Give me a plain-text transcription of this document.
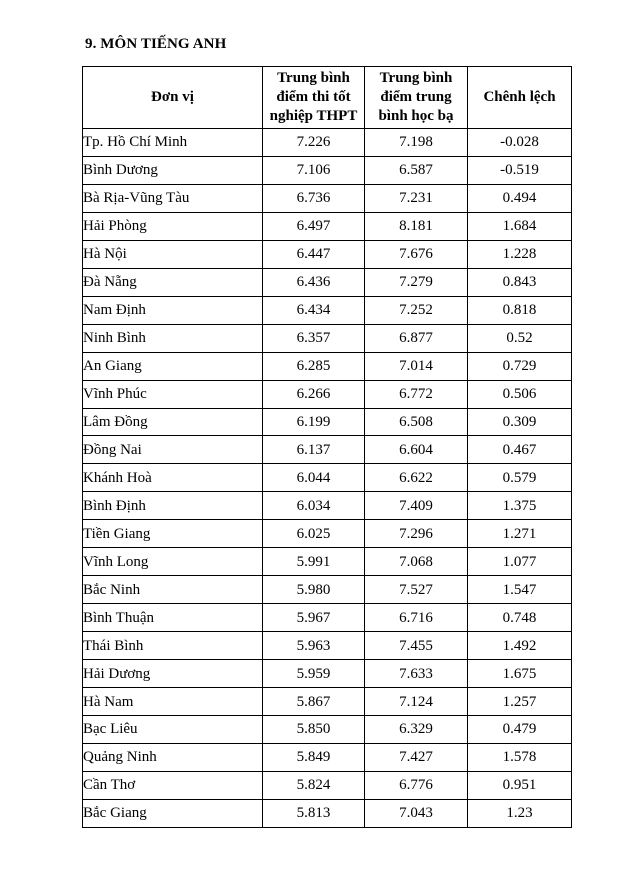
9. MÔN TIẾNG ANH
Đơn vị	Trung bình
điểm thi tốt
nghiệp THPT	Trung bình
điểm trung
bình học bạ	Chênh lệch
Tp. Hồ Chí Minh	7.226	7.198	-0.028
Bình Dương	7.106	6.587	-0.519
Bà Rịa-Vũng Tàu	6.736	7.231	0.494
Hải Phòng	6.497	8.181	1.684
Hà Nội	6.447	7.676	1.228
Đà Nẵng	6.436	7.279	0.843
Nam Định	6.434	7.252	0.818
Ninh Bình	6.357	6.877	0.52
An Giang	6.285	7.014	0.729
Vĩnh Phúc	6.266	6.772	0.506
Lâm Đồng	6.199	6.508	0.309
Đồng Nai	6.137	6.604	0.467
Khánh Hoà	6.044	6.622	0.579
Bình Định	6.034	7.409	1.375
Tiền Giang	6.025	7.296	1.271
Vĩnh Long	5.991	7.068	1.077
Bắc Ninh	5.980	7.527	1.547
Bình Thuận	5.967	6.716	0.748
Thái Bình	5.963	7.455	1.492
Hải Dương	5.959	7.633	1.675
Hà Nam	5.867	7.124	1.257
Bạc Liêu	5.850	6.329	0.479
Quảng Ninh	5.849	7.427	1.578
Cần Thơ	5.824	6.776	0.951
Bắc Giang	5.813	7.043	1.23
